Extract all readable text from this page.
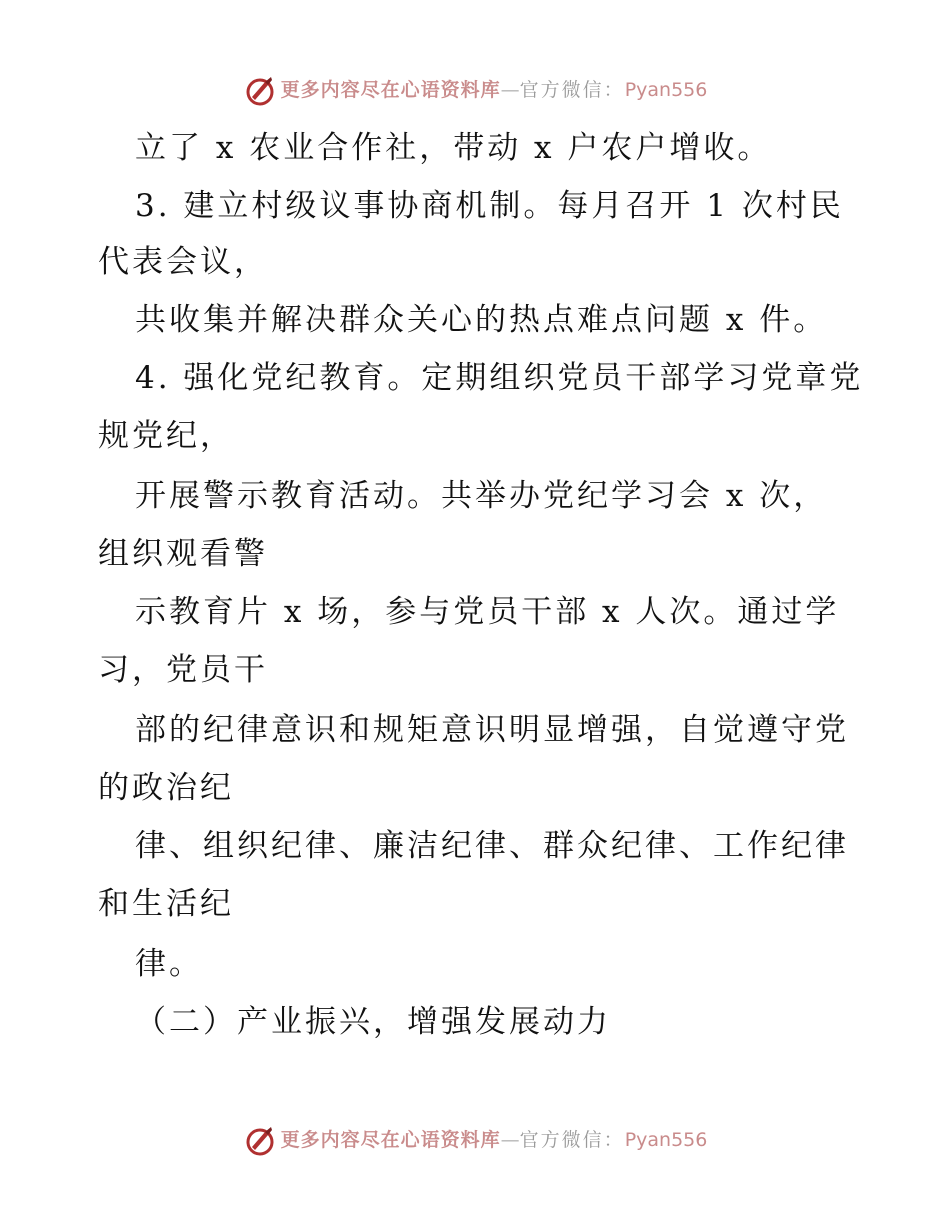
更多内容尽在心语资料库 — 官方微信： Pyan556
立了 x 农业合作社，带动 x 户农户增收。
3. 建立村级议事协商机制。每月召开 1 次村民
代表会议，
共收集并解决群众关心的热点难点问题 x 件。
4. 强化党纪教育。定期组织党员干部学习党章党
规党纪，
开展警示教育活动。共举办党纪学习会 x 次，
组织观看警
示教育片 x 场，参与党员干部 x 人次。通过学
习，党员干
部的纪律意识和规矩意识明显增强，自觉遵守党
的政治纪
律、组织纪律、廉洁纪律、群众纪律、工作纪律
和生活纪
律。
（二）产业振兴，增强发展动力
更多内容尽在心语资料库 — 官方微信： Pyan556
